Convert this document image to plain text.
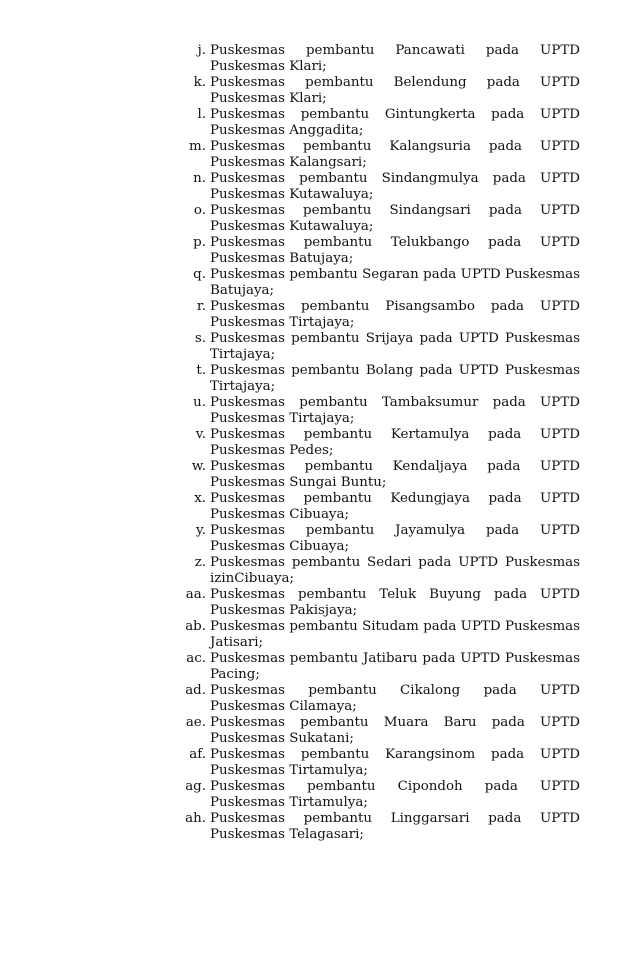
j. Puskesmas pembantu Pancawati pada UPTD Puskesmas Klari;
k. Puskesmas pembantu Belendung pada UPTD Puskesmas Klari;
l. Puskesmas pembantu Gintungkerta pada UPTD Puskesmas Anggadita;
m. Puskesmas pembantu Kalangsuria pada UPTD Puskesmas Kalangsari;
n. Puskesmas pembantu Sindangmulya pada UPTD Puskesmas Kutawaluya;
o. Puskesmas pembantu Sindangsari pada UPTD Puskesmas Kutawaluya;
p. Puskesmas pembantu Telukbango pada UPTD Puskesmas Batujaya;
q. Puskesmas pembantu Segaran pada UPTD Puskesmas Batujaya;
r. Puskesmas pembantu Pisangsambo pada UPTD Puskesmas Tirtajaya;
s. Puskesmas pembantu Srijaya pada UPTD Puskesmas Tirtajaya;
t. Puskesmas pembantu Bolang pada UPTD Puskesmas Tirtajaya;
u. Puskesmas pembantu Tambaksumur pada UPTD Puskesmas Tirtajaya;
v. Puskesmas pembantu Kertamulya pada UPTD Puskesmas Pedes;
w. Puskesmas pembantu Kendaljaya pada UPTD Puskesmas Sungai Buntu;
x. Puskesmas pembantu Kedungjaya pada UPTD Puskesmas Cibuaya;
y. Puskesmas pembantu Jayamulya pada UPTD Puskesmas Cibuaya;
z. Puskesmas pembantu Sedari pada UPTD Puskesmas izinCibuaya;
aa. Puskesmas pembantu Teluk Buyung pada UPTD Puskesmas Pakisjaya;
ab. Puskesmas pembantu Situdam pada UPTD Puskesmas Jatisari;
ac. Puskesmas pembantu Jatibaru pada UPTD Puskesmas Pacing;
ad. Puskesmas pembantu Cikalong pada UPTD Puskesmas Cilamaya;
ae. Puskesmas pembantu Muara Baru pada UPTD Puskesmas Sukatani;
af. Puskesmas pembantu Karangsinom pada UPTD Puskesmas Tirtamulya;
ag. Puskesmas pembantu Cipondoh pada UPTD Puskesmas Tirtamulya;
ah. Puskesmas pembantu Linggarsari pada UPTD Puskesmas Telagasari;
